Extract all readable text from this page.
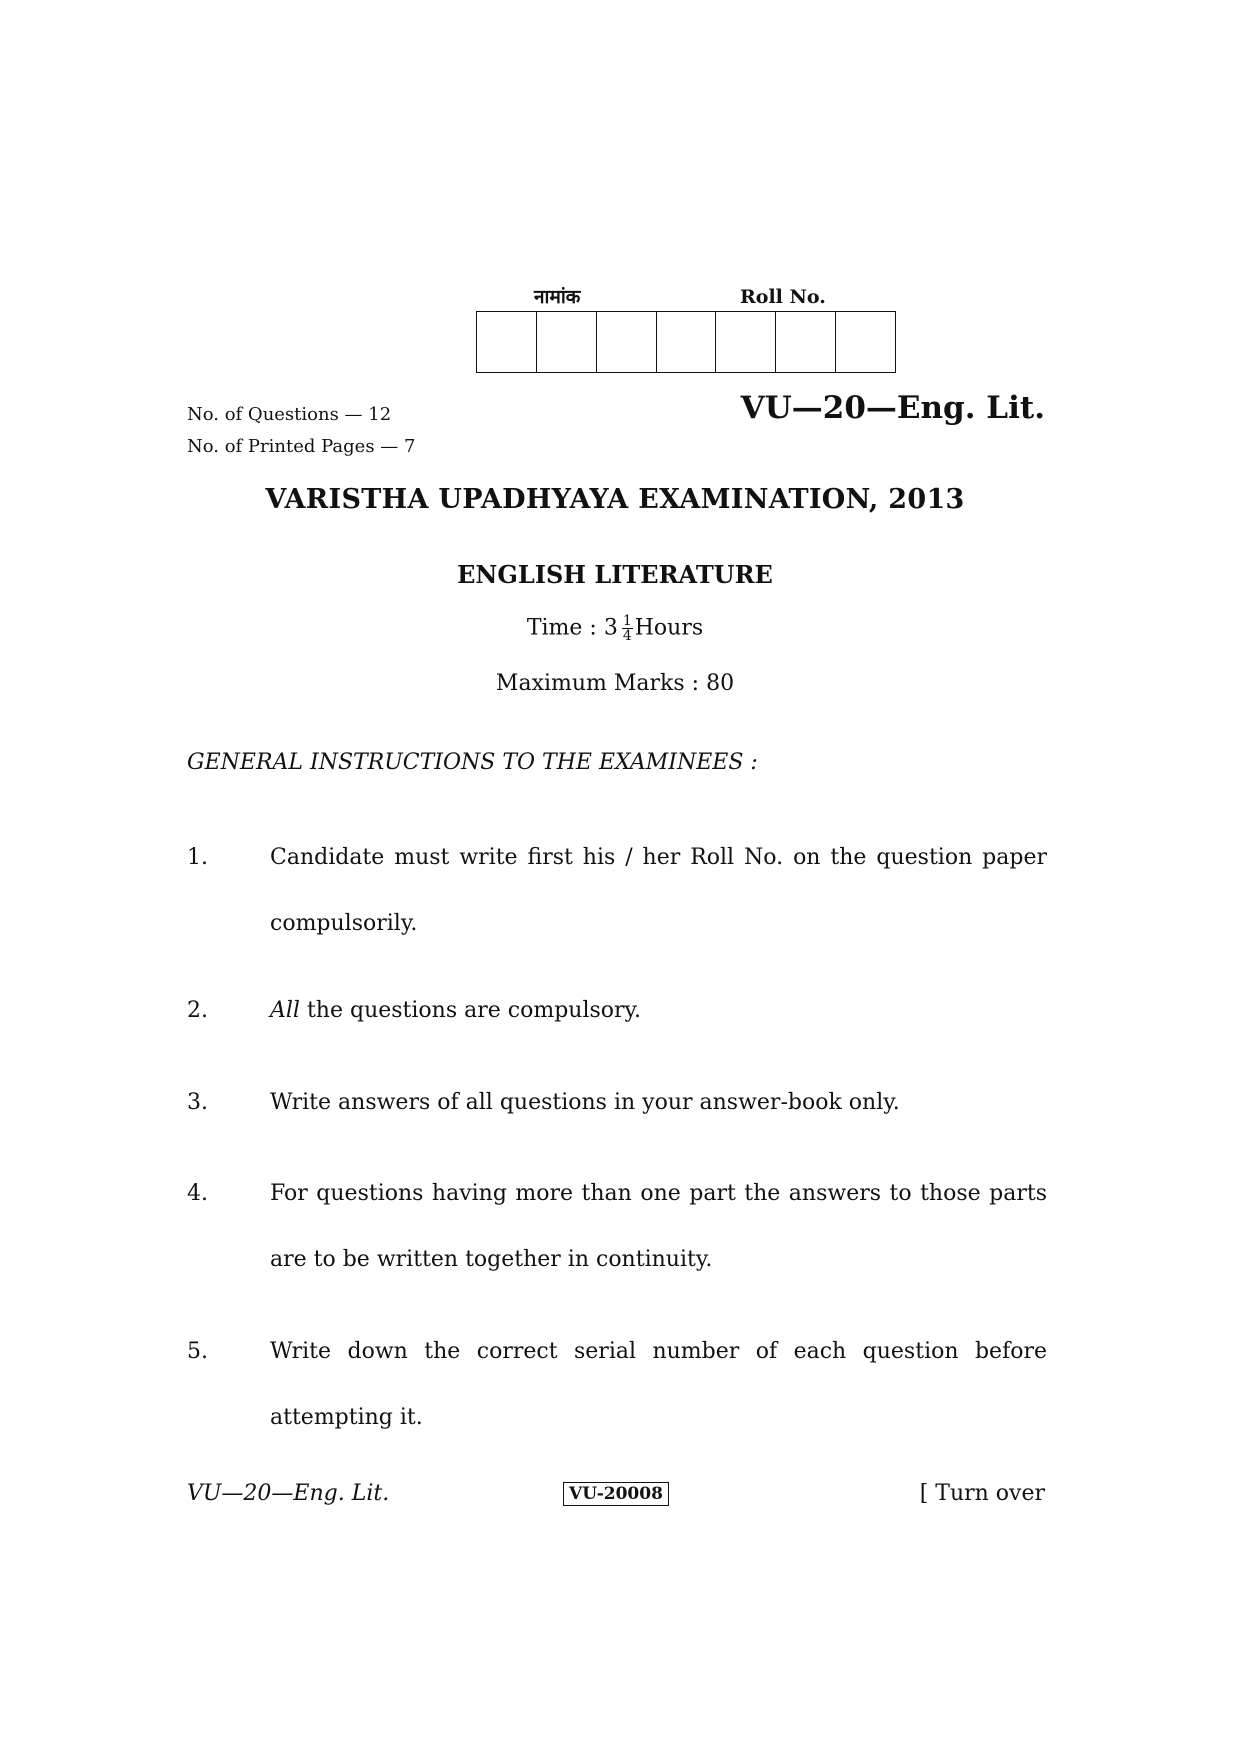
नामांक	Roll No.
No. of Questions — 12
No. of Printed Pages — 7
VU—20—Eng. Lit.
VARISTHA UPADHYAYA EXAMINATION, 2013
ENGLISH LITERATURE
Time : $3 \frac{1}{4}$ Hours
Maximum Marks : 80
GENERAL INSTRUCTIONS TO THE EXAMINEES :
1.	Candidate must write first his / her Roll No. on the question paper compulsorily.
2.	All the questions are compulsory.
3.	Write answers of all questions in your answer-book only.
4.	For questions having more than one part the answers to those parts are to be written together in continuity.
5.	Write down the correct serial number of each question before attempting it.
VU—20—Eng. Lit.	VU-20008	[ Turn over
